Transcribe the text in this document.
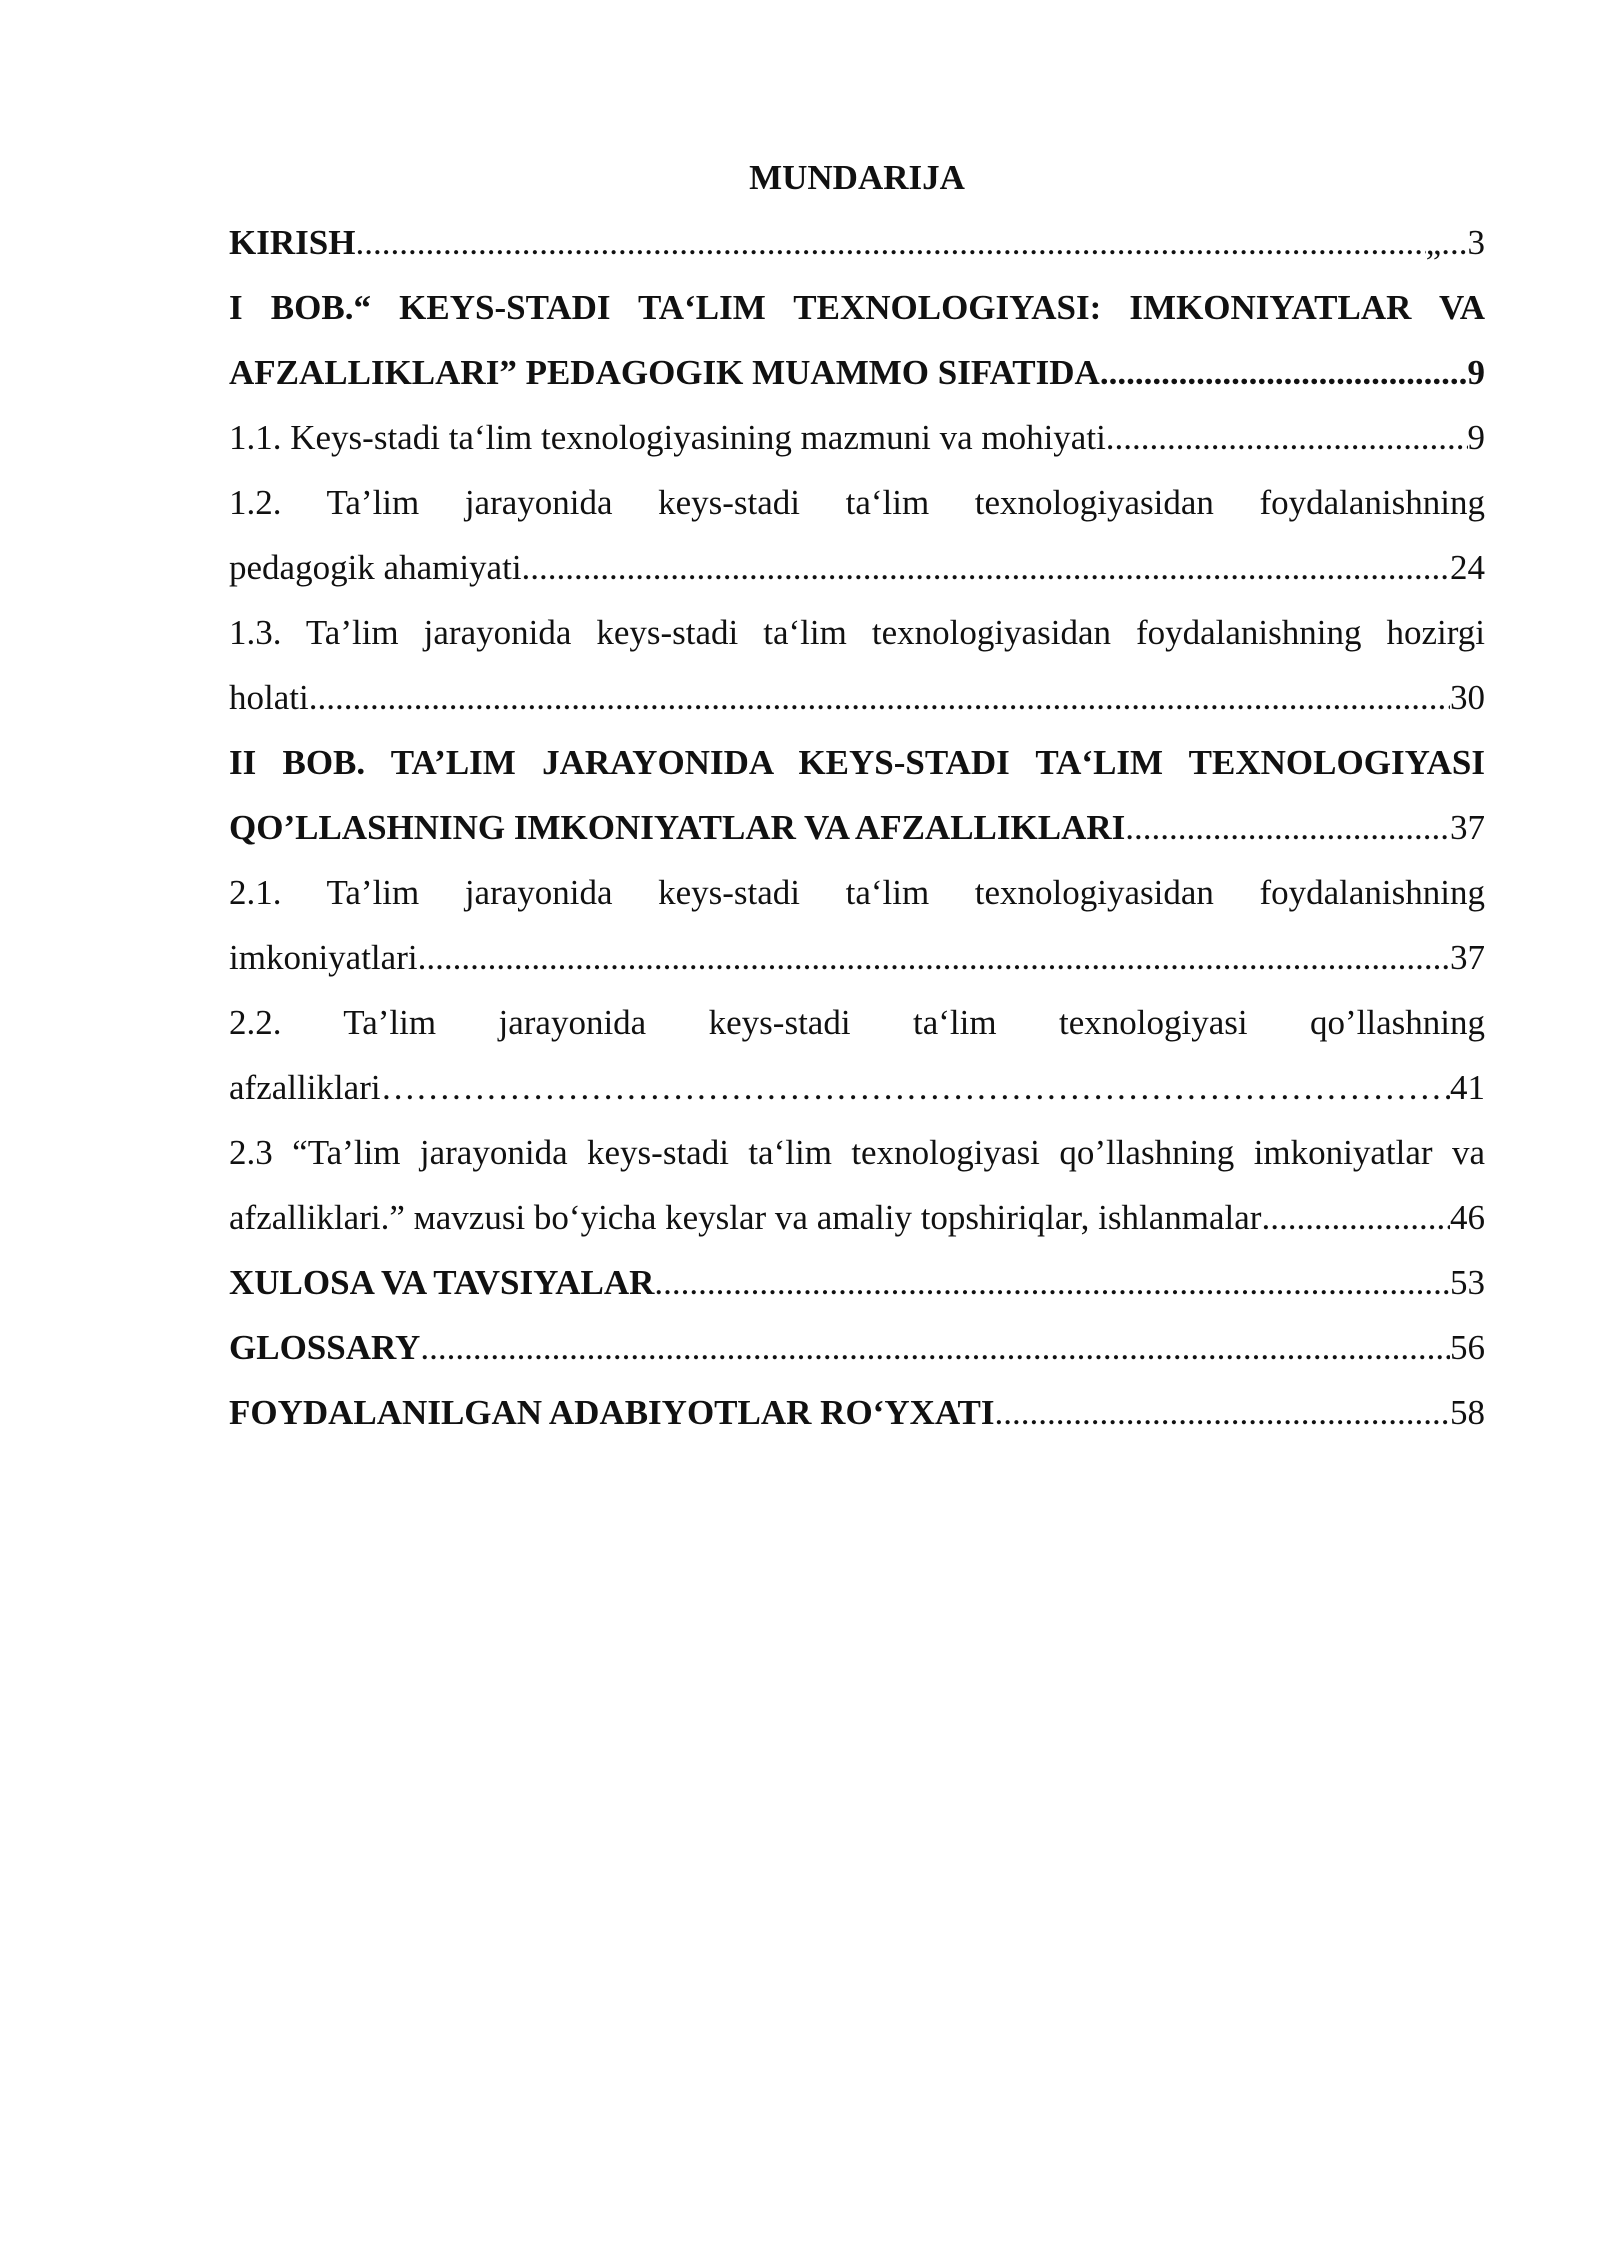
MUNDARIJA
KIRISH .....	„...3
I BOB.“ KEYS-STADI TA‘LIM TEXNOLOGIYASI: IMKONIYATLAR VA
AFZALLIKLARI” PEDAGOGIK MUAMMO SIFATIDA .....	9
1.1. Keys-stadi ta‘lim texnologiyasining mazmuni va mohiyati .....	9
1.2. Ta’lim jarayonida keys-stadi ta‘lim texnologiyasidan foydalanishning
pedagogik ahamiyati .....	24
1.3. Ta’lim jarayonida keys-stadi ta‘lim texnologiyasidan foydalanishning hozirgi
holati .....	30
II BOB. TA’LIM JARAYONIDA KEYS-STADI TA‘LIM TEXNOLOGIYASI
QO’LLASHNING IMKONIYATLAR VA AFZALLIKLARI .....	37
2.1. Ta’lim jarayonida keys-stadi ta‘lim texnologiyasidan foydalanishning
imkoniyatlari .....	37
2.2. Ta’lim jarayonida keys-stadi ta‘lim texnologiyasi qo’llashning
afzalliklari ………………………………………………………………………………………………………………………………………………………………………………………………………………	41
2.3 “Ta’lim jarayonida keys-stadi ta‘lim texnologiyasi qo’llashning imkoniyatlar va
afzalliklari.” мavzusi bo‘yicha keyslar va amaliy topshiriqlar, ishlanmalar .....	46
XULOSA VA TAVSIYALAR .....	53
GLOSSARY .....	56
FOYDALANILGAN ADABIYOTLAR RO‘YXATI .....	58
